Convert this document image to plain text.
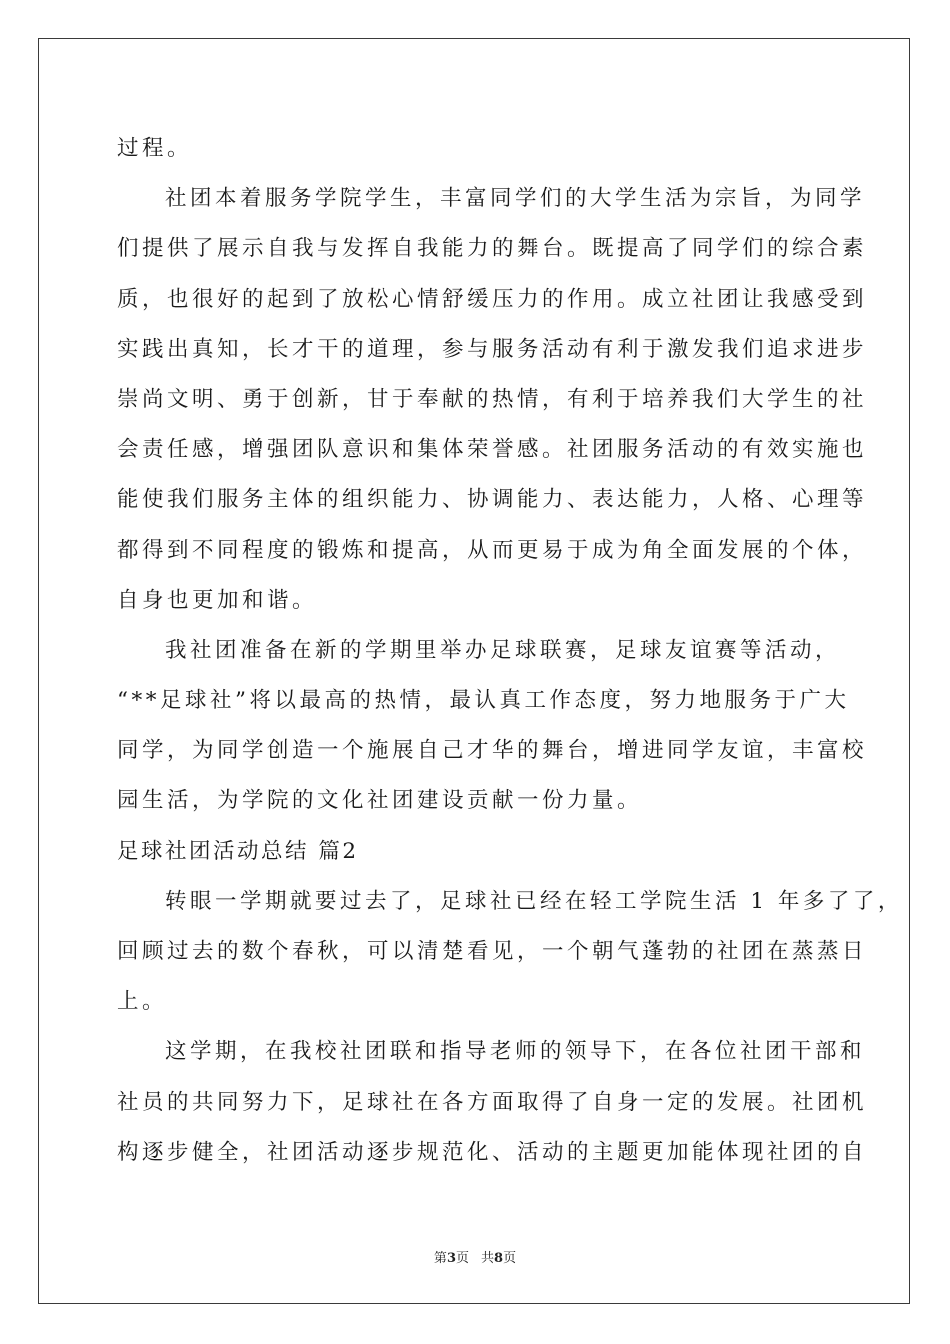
过程。
社团本着服务学院学生，丰富同学们的大学生活为宗旨，为同学
们提供了展示自我与发挥自我能力的舞台。既提高了同学们的综合素
质，也很好的起到了放松心情舒缓压力的作用。成立社团让我感受到
实践出真知，长才干的道理，参与服务活动有利于激发我们追求进步
崇尚文明、勇于创新，甘于奉献的热情，有利于培养我们大学生的社
会责任感，增强团队意识和集体荣誉感。社团服务活动的有效实施也
能使我们服务主体的组织能力、协调能力、表达能力，人格、心理等
都得到不同程度的锻炼和提高，从而更易于成为角全面发展的个体，
自身也更加和谐。
我社团准备在新的学期里举办足球联赛，足球友谊赛等活动，
“**足球社”将以最高的热情，最认真工作态度，努力地服务于广大
同学，为同学创造一个施展自己才华的舞台，增进同学友谊，丰富校
园生活，为学院的文化社团建设贡献一份力量。
足球社团活动总结 篇2
转眼一学期就要过去了，足球社已经在轻工学院生活 1 年多了了，
回顾过去的数个春秋，可以清楚看见，一个朝气蓬勃的社团在蒸蒸日
上。
这学期，在我校社团联和指导老师的领导下，在各位社团干部和
社员的共同努力下，足球社在各方面取得了自身一定的发展。社团机
构逐步健全，社团活动逐步规范化、活动的主题更加能体现社团的自
第3页 共8页
